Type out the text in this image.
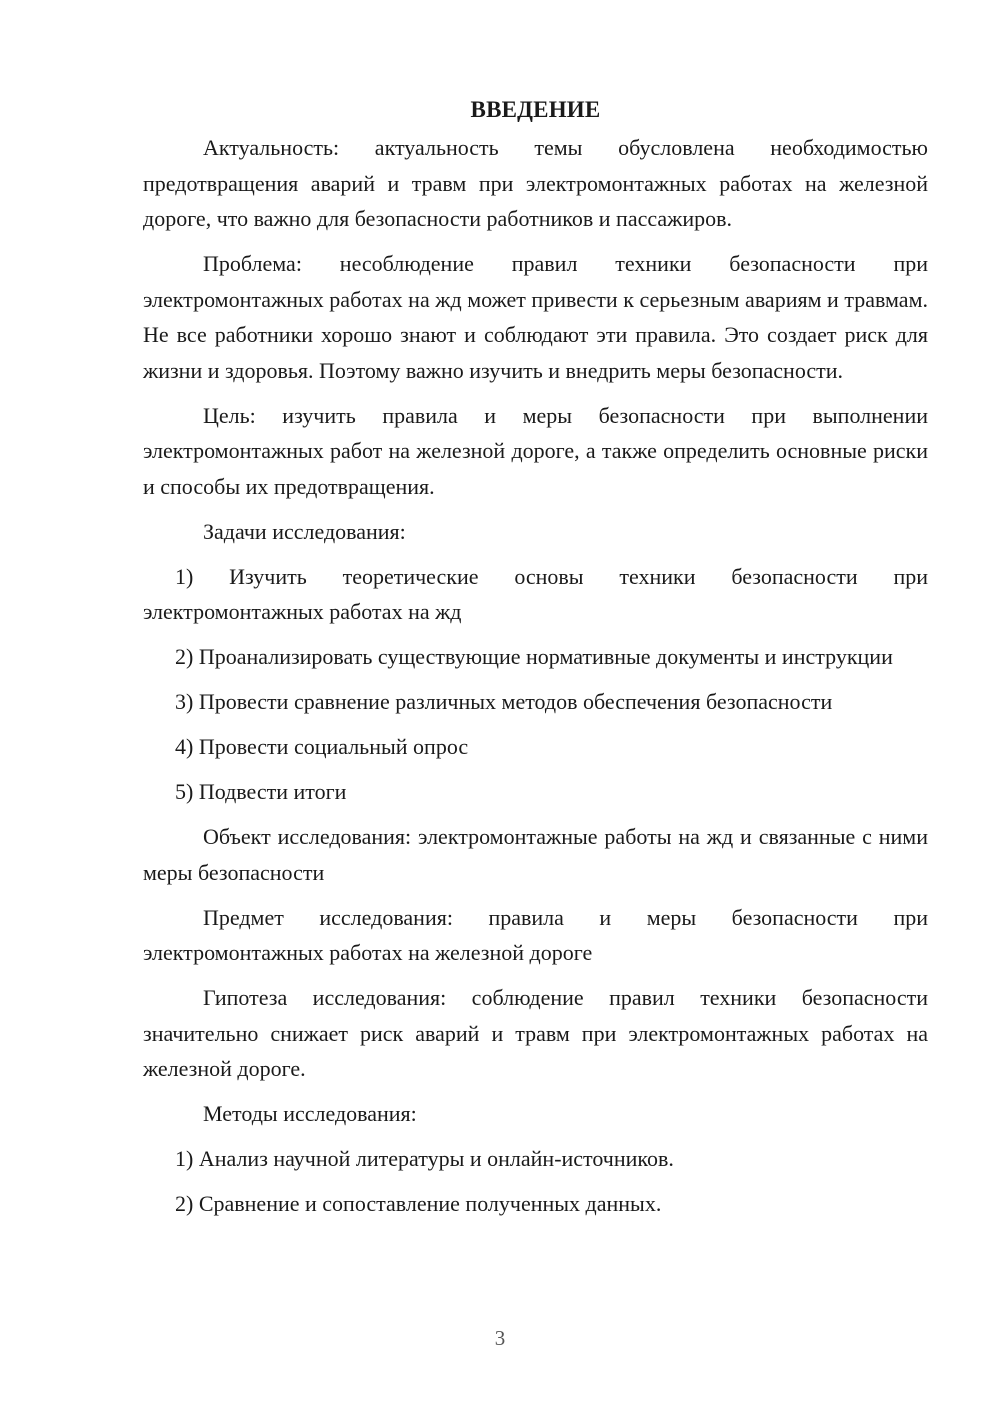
ВВЕДЕНИЕ

Актуальность: актуальность темы обусловлена необходимостью предотвращения аварий и травм при электромонтажных работах на железной дороге, что важно для безопасности работников и пассажиров.

Проблема: несоблюдение правил техники безопасности при электромонтажных работах на жд может привести к серьезным авариям и травмам. Не все работники хорошо знают и соблюдают эти правила. Это создает риск для жизни и здоровья. Поэтому важно изучить и внедрить меры безопасности.

Цель: изучить правила и меры безопасности при выполнении электромонтажных работ на железной дороге, а также определить основные риски и способы их предотвращения.

Задачи исследования:

1) Изучить теоретические основы техники безопасности при электромонтажных работах на жд

2) Проанализировать существующие нормативные документы и инструкции

3) Провести сравнение различных методов обеспечения безопасности

4) Провести социальный опрос

5) Подвести итоги

Объект исследования: электромонтажные работы на жд и связанные с ними меры безопасности

Предмет исследования: правила и меры безопасности при электромонтажных работах на железной дороге

Гипотеза исследования: соблюдение правил техники безопасности значительно снижает риск аварий и травм при электромонтажных работах на железной дороге.

Методы исследования:

1) Анализ научной литературы и онлайн-источников.

2) Сравнение и сопоставление полученных данных.

3
